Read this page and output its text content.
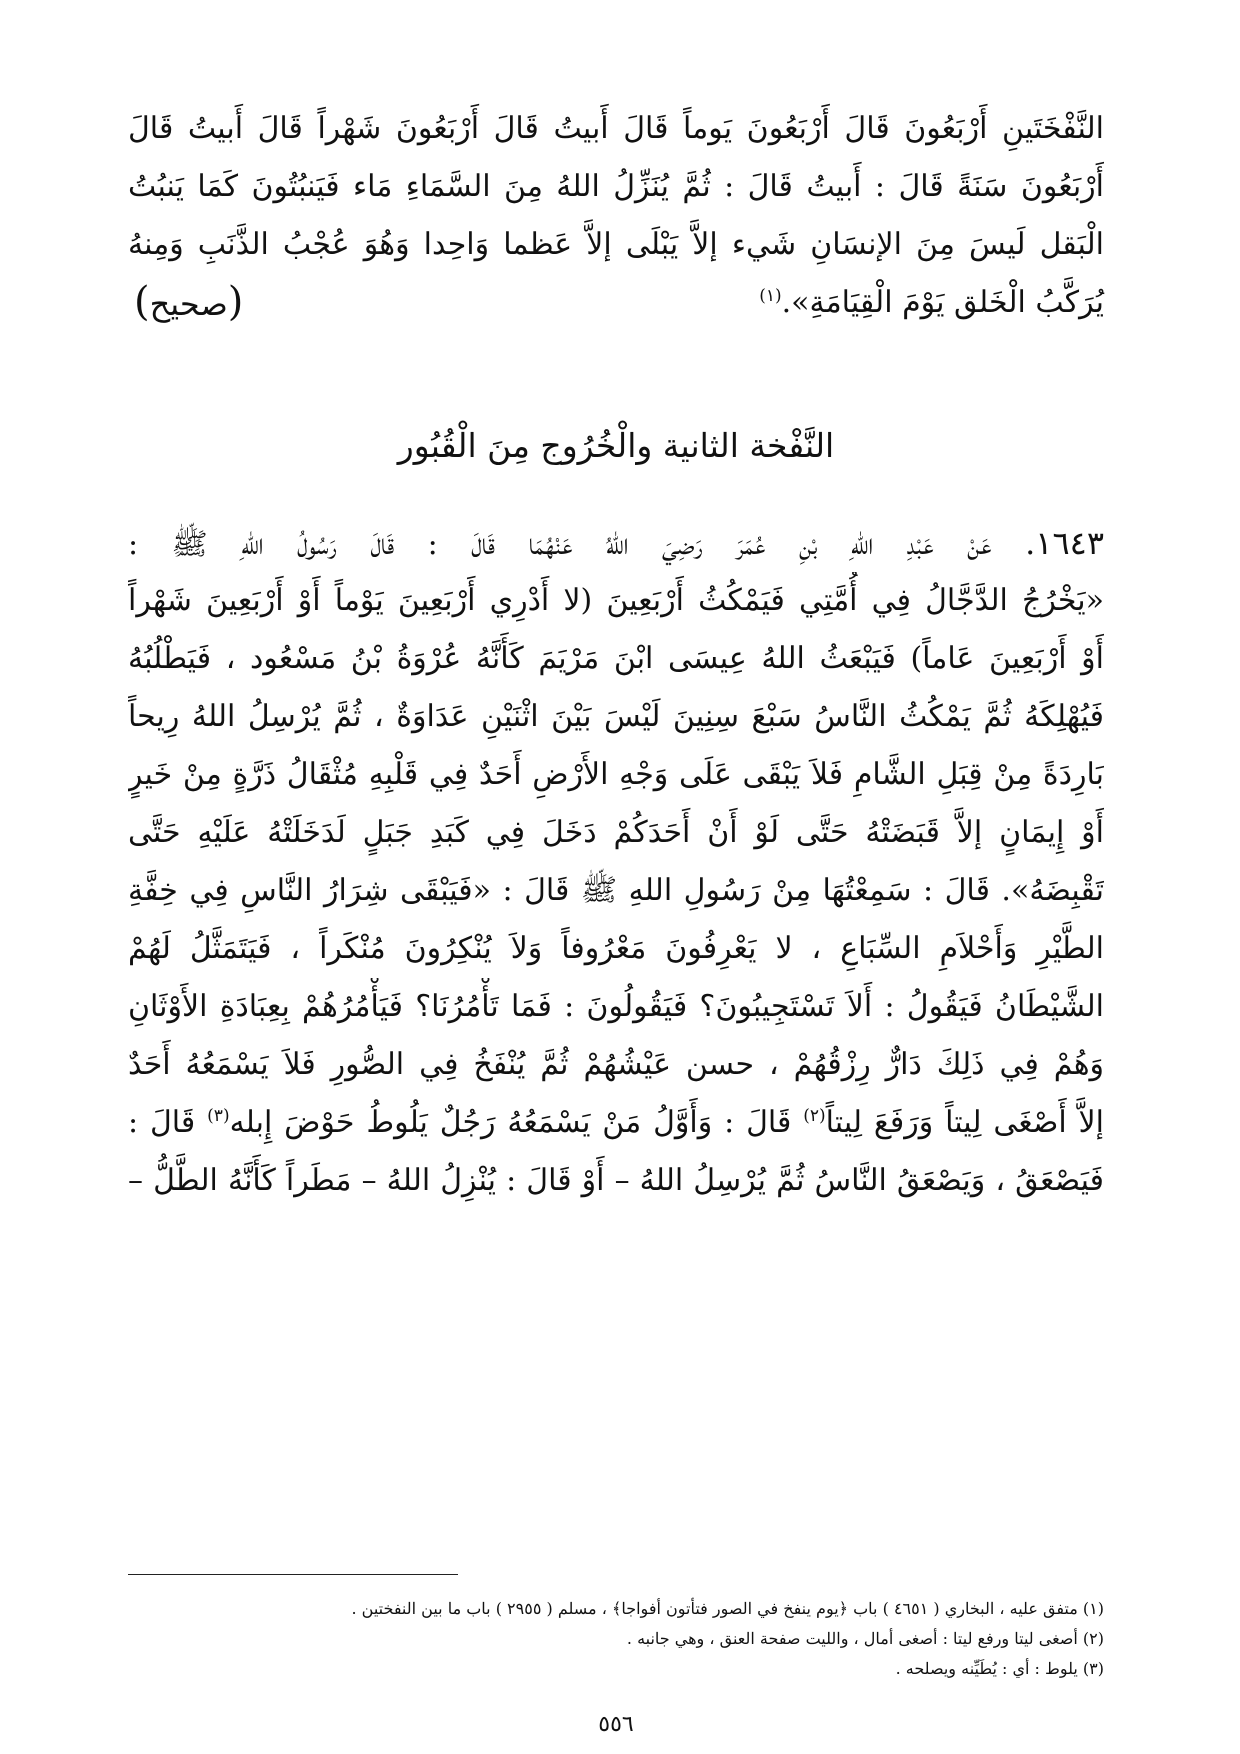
النَّفْخَتَينِ أَرْبَعُونَ قَالَ أَرْبَعُونَ يَوماً قَالَ أَبيتُ قَالَ أَرْبَعُونَ شَهْراً قَالَ أَبيتُ قَالَ
أَرْبَعُونَ سَنَةً قَالَ : أَبيتُ قَالَ : ثُمَّ يُنَزِّلُ اللهُ مِنَ السَّمَاءِ مَاء فَيَنبُتُونَ كَمَا يَنبُتُ
الْبَقل لَيسَ مِنَ الإنسَانِ شَيء إلاَّ يَبْلَى إلاَّ عَظما وَاحِدا وَهُوَ عُجْبُ الذَّنَبِ وَمِنهُ
يُرَكَّبُ الْخَلق يَوْمَ الْقِيَامَةِ».$^{(١)}$
(صحيح)
النَّفْخة الثانية والْخُرُوج مِنَ الْقُبُور
١٦٤٣. عَنْ عَبْدِ اللهِ بْنِ عُمَرَ رَضِيَ اللهُ عَنْهُمَا قَالَ : قَالَ رَسُولُ اللهِ ﷺ :
«يَخْرُجُ الدَّجَّالُ فِي أُمَّتِي فَيَمْكُثُ أَرْبَعِينَ (لا أَدْرِي أَرْبَعِينَ يَوْماً أَوْ أَرْبَعِينَ شَهْراً
أَوْ أَرْبَعِينَ عَاماً) فَيَبْعَثُ اللهُ عِيسَى ابْنَ مَرْيَمَ كَأَنَّهُ عُرْوَةُ بْنُ مَسْعُود ، فَيَطْلُبُهُ
فَيُهْلِكَهُ ثُمَّ يَمْكُثُ النَّاسُ سَبْعَ سِنِينَ لَيْسَ بَيْنَ اثْنَيْنِ عَدَاوَةٌ ، ثُمَّ يُرْسِلُ اللهُ رِيحاً
بَارِدَةً مِنْ قِبَلِ الشَّامِ فَلاَ يَبْقَى عَلَى وَجْهِ الأَرْضِ أَحَدٌ فِي قَلْبِهِ مُثْقَالُ ذَرَّةٍ مِنْ خَيرٍ
أَوْ إِيمَانٍ إلاَّ قَبَضَتْهُ حَتَّى لَوْ أَنْ أَحَدَكُمْ دَخَلَ فِي كَبَدِ جَبَلٍ لَدَخَلَتْهُ عَلَيْهِ حَتَّى
تَقْبِضَهُ». قَالَ : سَمِعْتُهَا مِنْ رَسُولِ اللهِ ﷺ قَالَ : «فَيَبْقَى شِرَارُ النَّاسِ فِي خِفَّةِ
الطَّيْرِ وَأَحْلاَمِ السِّبَاعِ ، لا يَعْرِفُونَ مَعْرُوفاً وَلاَ يُنْكِرُونَ مُنْكَراً ، فَيَتَمَثَّلُ لَهُمْ
الشَّيْطَانُ فَيَقُولُ : أَلاَ تَسْتَجِيبُونَ؟ فَيَقُولُونَ : فَمَا تَأْمُرُنَا؟ فَيَأْمُرُهُمْ بِعِبَادَةِ الأَوْثَانِ
وَهُمْ فِي ذَلِكَ دَارٌّ رِزْقُهُمْ ، حسن عَيْشُهُمْ ثُمَّ يُنْفَخُ فِي الصُّورِ فَلاَ يَسْمَعُهُ أَحَدٌ
إلاَّ أَصْغَى لِيتاً وَرَفَعَ لِيتاً$^{(٢)}$ قَالَ : وَأَوَّلُ مَنْ يَسْمَعُهُ رَجُلٌ يَلُوطُ حَوْضَ إِبله$^{(٣)}$ قَالَ :
فَيَصْعَقُ ، وَيَصْعَقُ النَّاسُ ثُمَّ يُرْسِلُ اللهُ – أَوْ قَالَ : يُنْزِلُ اللهُ – مَطَراً كَأَنَّهُ الطَّلُّ –
(١) متفق عليه ، البخاري ( ٤٦٥١ ) باب ﴿يوم ينفخ في الصور فتأتون أفواجا﴾ ، مسلم ( ٢٩٥٥ ) باب ما بين النفختين .
(٢) أصغى ليتا ورفع ليتا : أصغى أمال ، والليت صفحة العنق ، وهي جانبه .
(٣) يلوط : أي : يُطَيِّنه ويصلحه .
٥٥٦
